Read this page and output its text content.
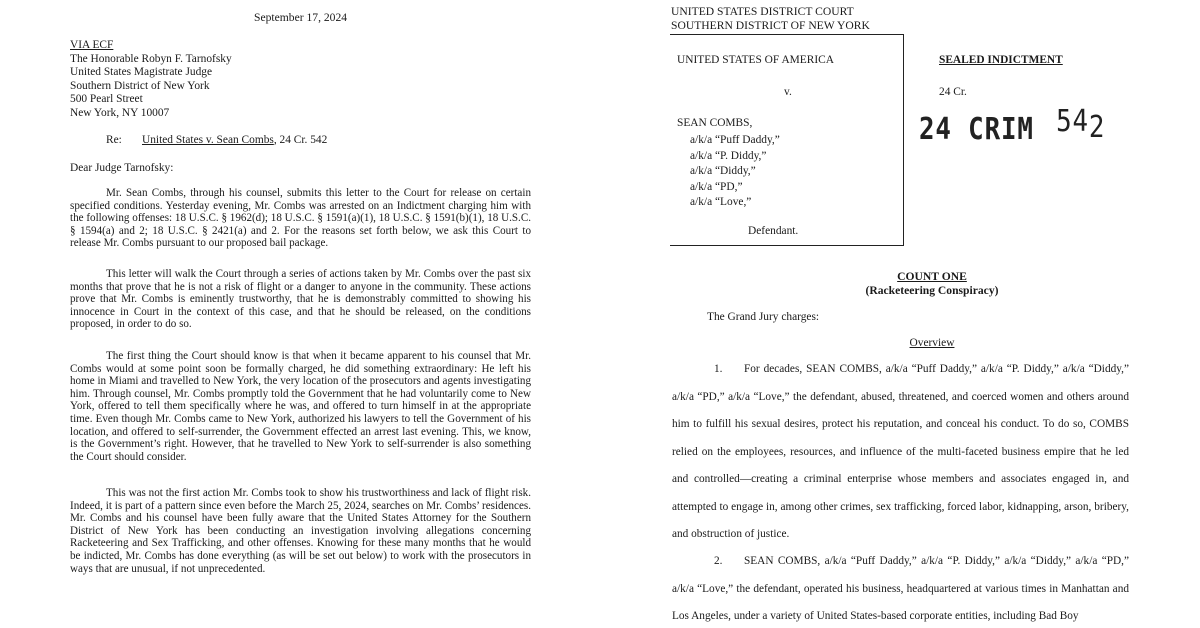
September 17, 2024
VIA ECF
The Honorable Robyn F. Tarnofsky
United States Magistrate Judge
Southern District of New York
500 Pearl Street
New York, NY 10007
Re: United States v. Sean Combs, 24 Cr. 542
Dear Judge Tarnofsky:

Mr. Sean Combs, through his counsel, submits this letter to the Court for release on certain specified conditions. Yesterday evening, Mr. Combs was arrested on an Indictment charging him with the following offenses: 18 U.S.C. § 1962(d); 18 U.S.C. § 1591(a)(1), 18 U.S.C. § 1591(b)(1), 18 U.S.C. § 1594(a) and 2; 18 U.S.C. § 2421(a) and 2. For the reasons set forth below, we ask this Court to release Mr. Combs pursuant to our proposed bail package.

This letter will walk the Court through a series of actions taken by Mr. Combs over the past six months that prove that he is not a risk of flight or a danger to anyone in the community. These actions prove that Mr. Combs is eminently trustworthy, that he is demonstrably committed to showing his innocence in Court in the context of this case, and that he should be released, on the conditions proposed, in order to do so.

The first thing the Court should know is that when it became apparent to his counsel that Mr. Combs would at some point soon be formally charged, he did something extraordinary: He left his home in Miami and travelled to New York, the very location of the prosecutors and agents investigating him. Through counsel, Mr. Combs promptly told the Government that he had voluntarily come to New York, offered to tell them specifically where he was, and offered to turn himself in at the appropriate time. Even though Mr. Combs came to New York, authorized his lawyers to tell the Government of his location, and offered to self-surrender, the Government effected an arrest last evening. This, we know, is the Government’s right. However, that he travelled to New York to self-surrender is also something the Court should consider.

This was not the first action Mr. Combs took to show his trustworthiness and lack of flight risk. Indeed, it is part of a pattern since even before the March 25, 2024, searches on Mr. Combs’ residences. Mr. Combs and his counsel have been fully aware that the United States Attorney for the Southern District of New York has been conducting an investigation involving allegations concerning Racketeering and Sex Trafficking, and other offenses. Knowing for these many months that he would be indicted, Mr. Combs has done everything (as will be set out below) to work with the prosecutors in ways that are unusual, if not unprecedented.

UNITED STATES DISTRICT COURT
SOUTHERN DISTRICT OF NEW YORK
UNITED STATES OF AMERICA
v.
SEAN COMBS,
a/k/a “Puff Daddy,”
a/k/a “P. Diddy,”
a/k/a “Diddy,”
a/k/a “PD,”
a/k/a “Love,”
Defendant.
SEALED INDICTMENT
24 Cr.
24 CRIM 542
COUNT ONE
(Racketeering Conspiracy)
The Grand Jury charges:
Overview

1. For decades, SEAN COMBS, a/k/a “Puff Daddy,” a/k/a “P. Diddy,” a/k/a “Diddy,” a/k/a “PD,” a/k/a “Love,” the defendant, abused, threatened, and coerced women and others around him to fulfill his sexual desires, protect his reputation, and conceal his conduct. To do so, COMBS relied on the employees, resources, and influence of the multi-faceted business empire that he led and controlled—creating a criminal enterprise whose members and associates engaged in, and attempted to engage in, among other crimes, sex trafficking, forced labor, kidnapping, arson, bribery, and obstruction of justice.

2. SEAN COMBS, a/k/a “Puff Daddy,” a/k/a “P. Diddy,” a/k/a “Diddy,” a/k/a “PD,” a/k/a “Love,” the defendant, operated his business, headquartered at various times in Manhattan and Los Angeles, under a variety of United States-based corporate entities, including Bad Boy
